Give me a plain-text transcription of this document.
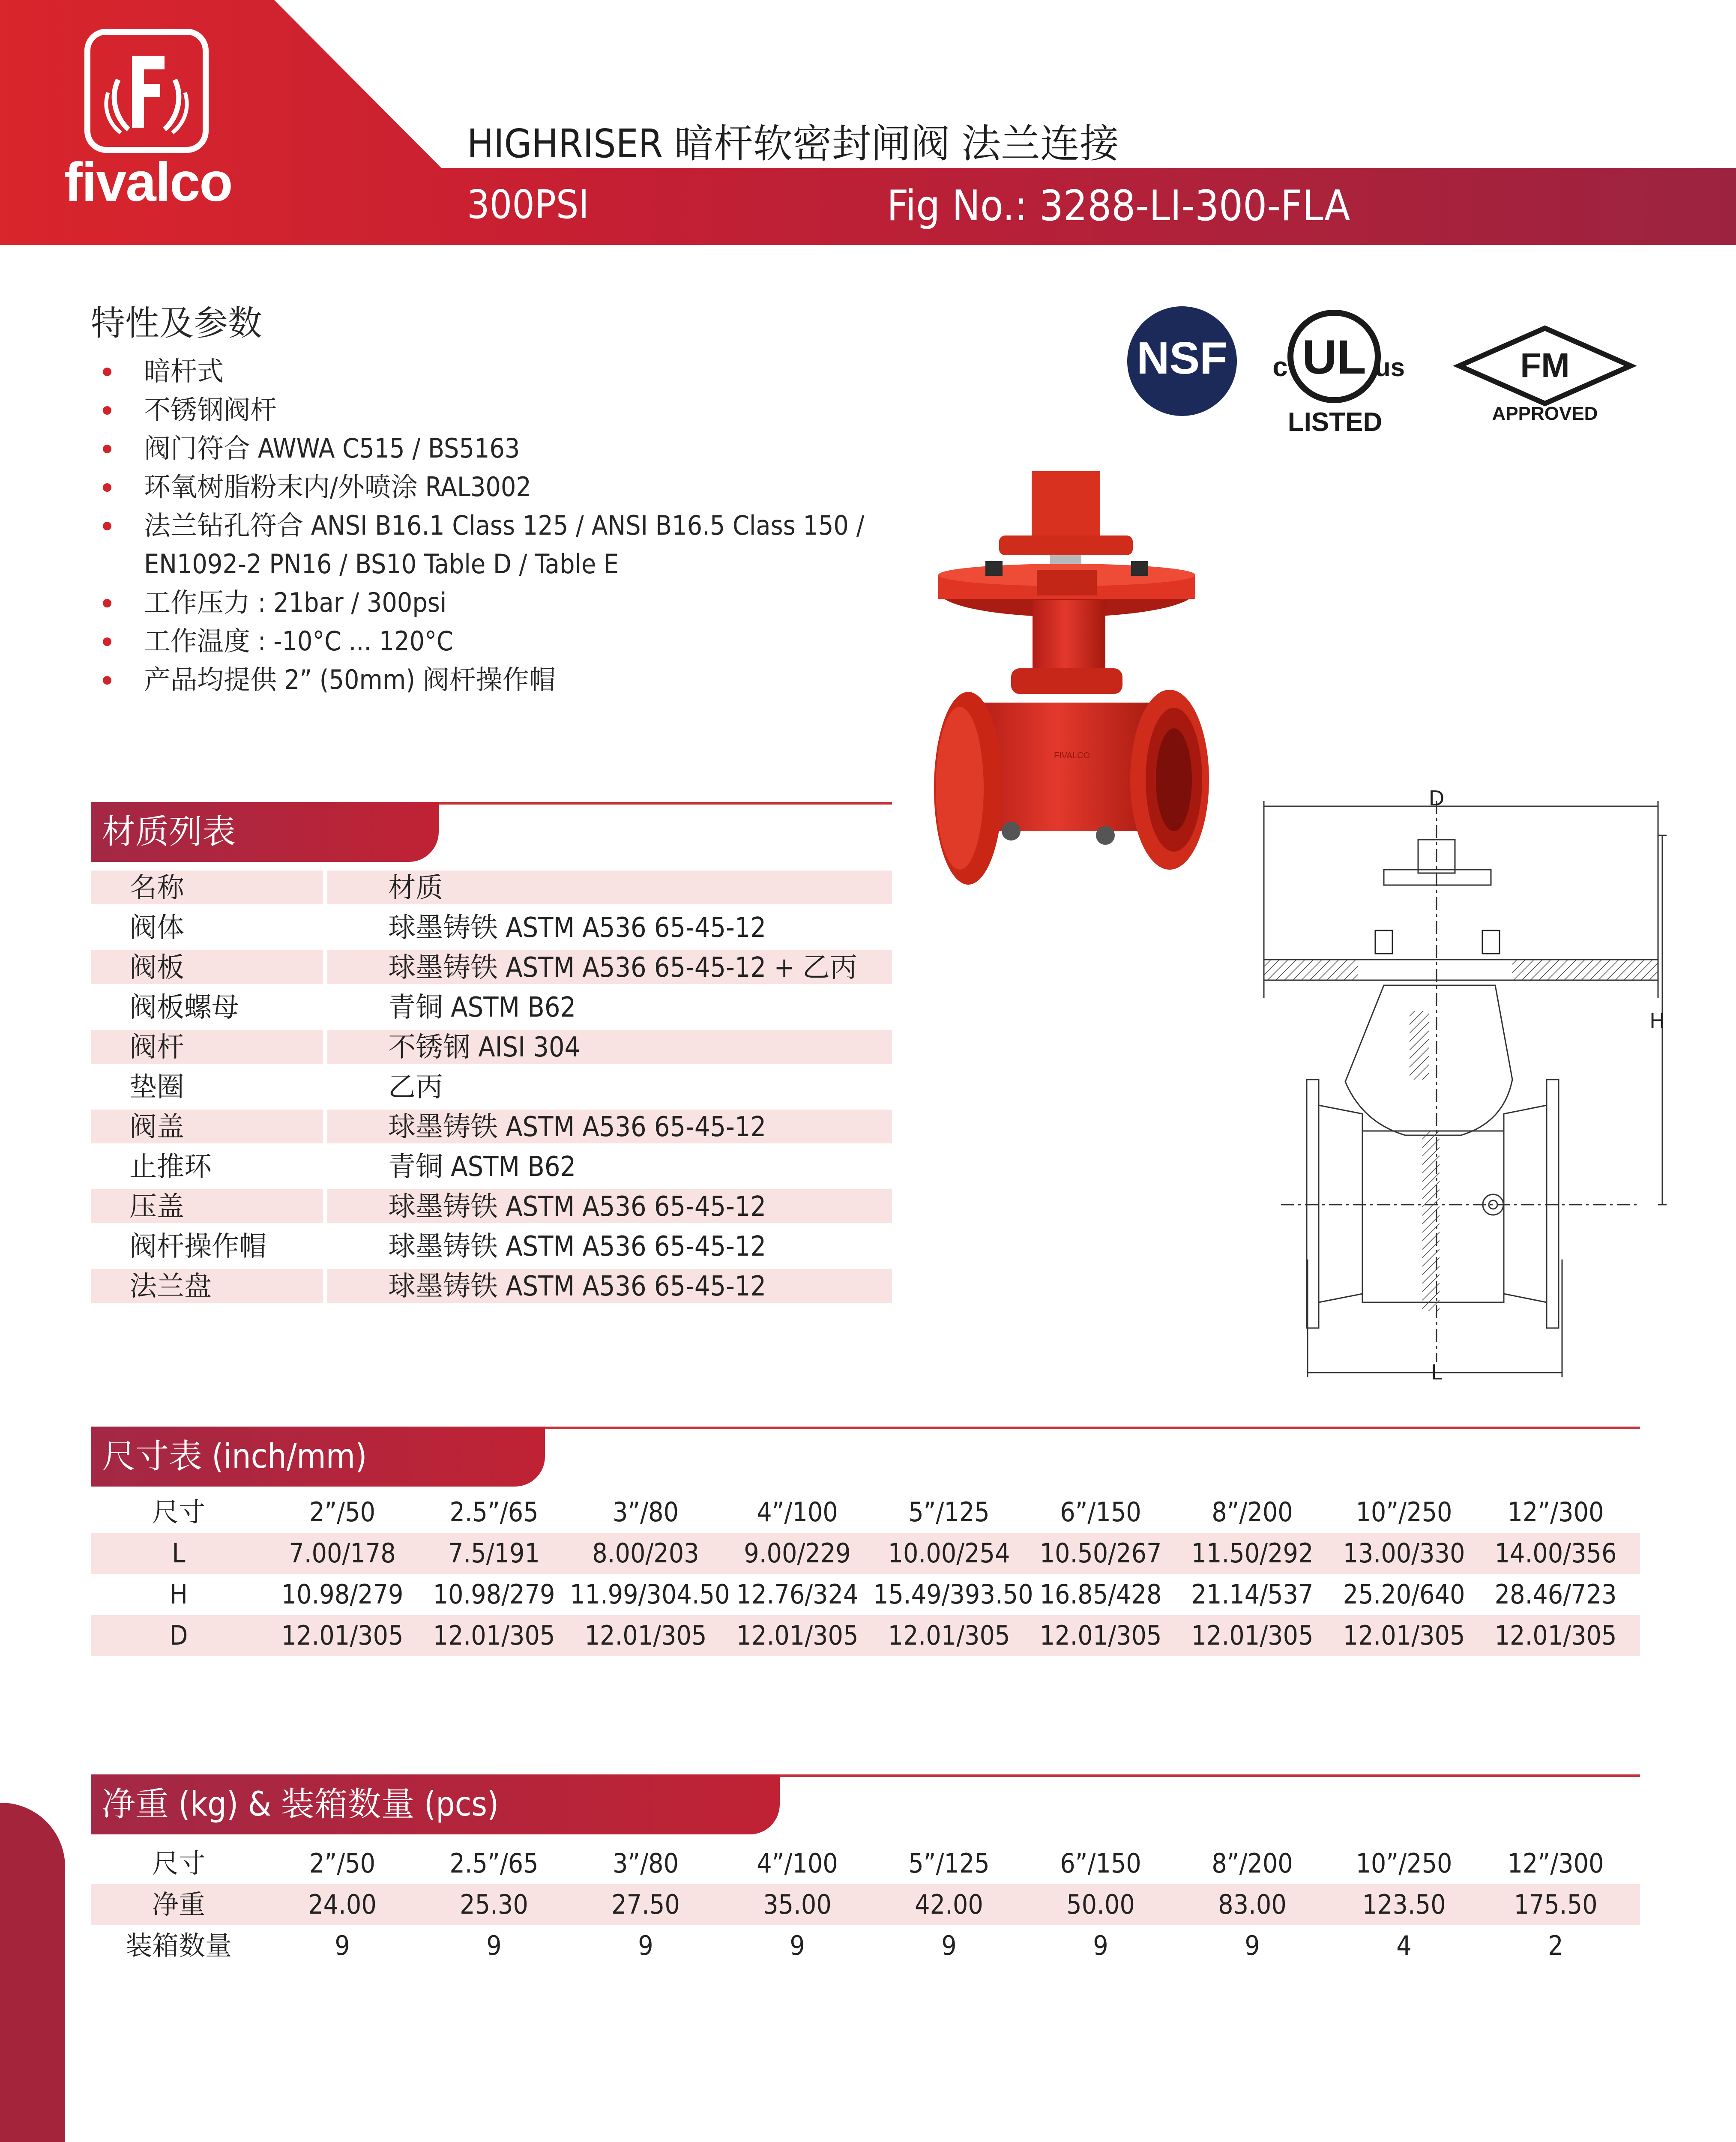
fivalco
HIGHRISER 暗杆软密封闸阀 法兰连接
300PSI	Fig No.: 3288-LI-300-FLA
特性及参数
暗杆式
不锈钢阀杆
阀门符合 AWWA C515 / BS5163
环氧树脂粉末内/外喷涂 RAL3002
法兰钻孔符合 ANSI B16.1 Class 125 / ANSI B16.5 Class 150 /
EN1092-2 PN16 / BS10 Table D / Table E
工作压力 : 21bar / 300psi
工作温度 : -10°C ... 120°C
产品均提供 2” (50mm) 阀杆操作帽
NSF UL
c	us
LISTED
FM
APPROVED
FIVALCO
D
H
L
材质列表
名称	材质
阀体	球墨铸铁 ASTM A536 65-45-12
阀板	球墨铸铁 ASTM A536 65-45-12 + 乙丙
阀板螺母	青铜 ASTM B62
阀杆	不锈钢 AISI 304
垫圈	乙丙
阀盖	球墨铸铁 ASTM A536 65-45-12
止推环	青铜 ASTM B62
压盖	球墨铸铁 ASTM A536 65-45-12
阀杆操作帽	球墨铸铁 ASTM A536 65-45-12
法兰盘	球墨铸铁 ASTM A536 65-45-12
尺寸表 (inch/mm)
尺寸	2”/50	2.5”/65	3”/80	4”/100	5”/125	6”/150	8”/200	10”/250	12”/300
L	7.00/178	7.5/191	8.00/203	9.00/229	10.00/254	10.50/267	11.50/292	13.00/330	14.00/356
H	10.98/279	10.98/279 11.99/304.50 12.76/324 15.49/393.50 16.85/428	21.14/537	25.20/640	28.46/723
D	12.01/305	12.01/305	12.01/305	12.01/305	12.01/305	12.01/305	12.01/305	12.01/305	12.01/305
净重 (kg) & 装箱数量 (pcs)
尺寸	2”/50	2.5”/65	3”/80	4”/100	5”/125	6”/150	8”/200	10”/250	12”/300
净重	24.00	25.30	27.50	35.00	42.00	50.00	83.00	123.50	175.50
装箱数量	9	9	9	9	9	9	9	4	2
